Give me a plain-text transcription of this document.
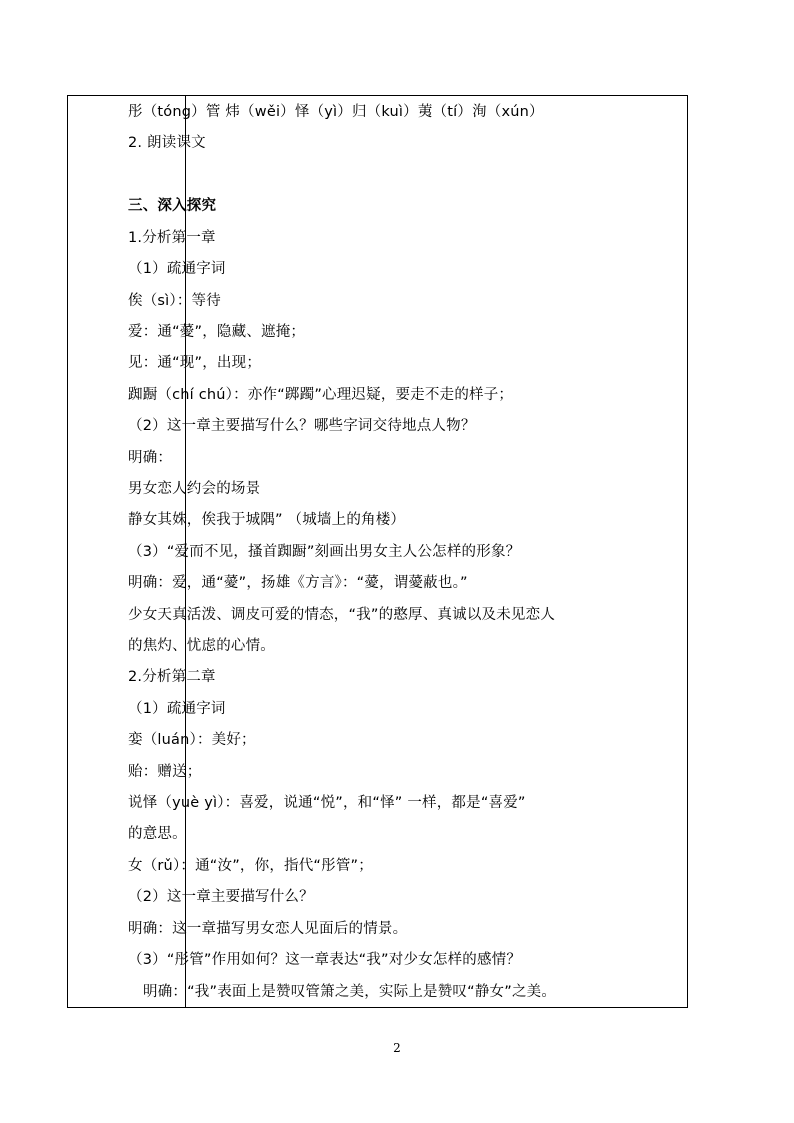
彤（tóng）管 炜（wěi）怿（yì）归（kuì）荑（tí）洵（xún）
2. 朗读课文
三、深入探究
1.分析第一章
（1）疏通字词
俟（sì）：等待
爱：通“薆”，隐藏、遮掩；
见：通“现”，出现；
踟蹰（chí chú）：亦作“踯躅”心理迟疑，要走不走的样子；
（2）这一章主要描写什么？哪些字词交待地点人物？
明确：
男女恋人约会的场景
静女其姝，俟我于城隅” （城墙上的角楼）
（3）“爱而不见，搔首踟蹰”刻画出男女主人公怎样的形象？
明确：爱，通“薆”，扬雄《方言》：“薆，谓薆蔽也。”
少女天真活泼、调皮可爱的情态，“我”的憨厚、真诚以及未见恋人
的焦灼、忧虑的心情。
2.分析第二章
（1）疏通字词
娈（luán）：美好；
贻：赠送；
说怿（yuè yì）：喜爱，说通“悦”，和“怿” 一样，都是“喜爱”
的意思。
女（rǔ）：通“汝”，你，指代“彤管”；
（2）这一章主要描写什么？
明确：这一章描写男女恋人见面后的情景。
（3）“彤管”作用如何？这一章表达“我”对少女怎样的感情？
明确：“我”表面上是赞叹管箫之美，实际上是赞叹“静女”之美。
2
